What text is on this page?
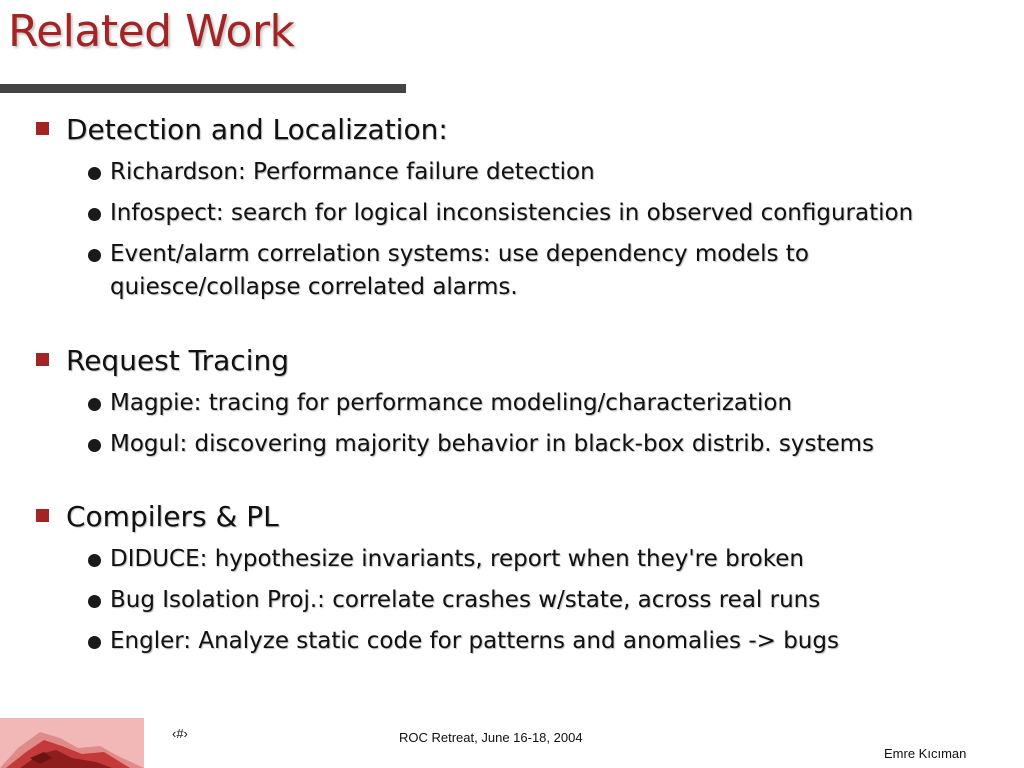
Related Work
Detection and Localization:
Richardson: Performance failure detection
Infospect: search for logical inconsistencies in observed configuration
Event/alarm correlation systems: use dependency models to quiesce/collapse correlated alarms.
Request Tracing
Magpie: tracing for performance modeling/characterization
Mogul: discovering majority behavior in black-box distrib. systems
Compilers & PL
DIDUCE: hypothesize invariants, report when they're broken
Bug Isolation Proj.: correlate crashes w/state, across real runs
Engler: Analyze static code for patterns and anomalies -> bugs
‹#›	ROC Retreat, June 16-18, 2004
Emre Kıcıman
